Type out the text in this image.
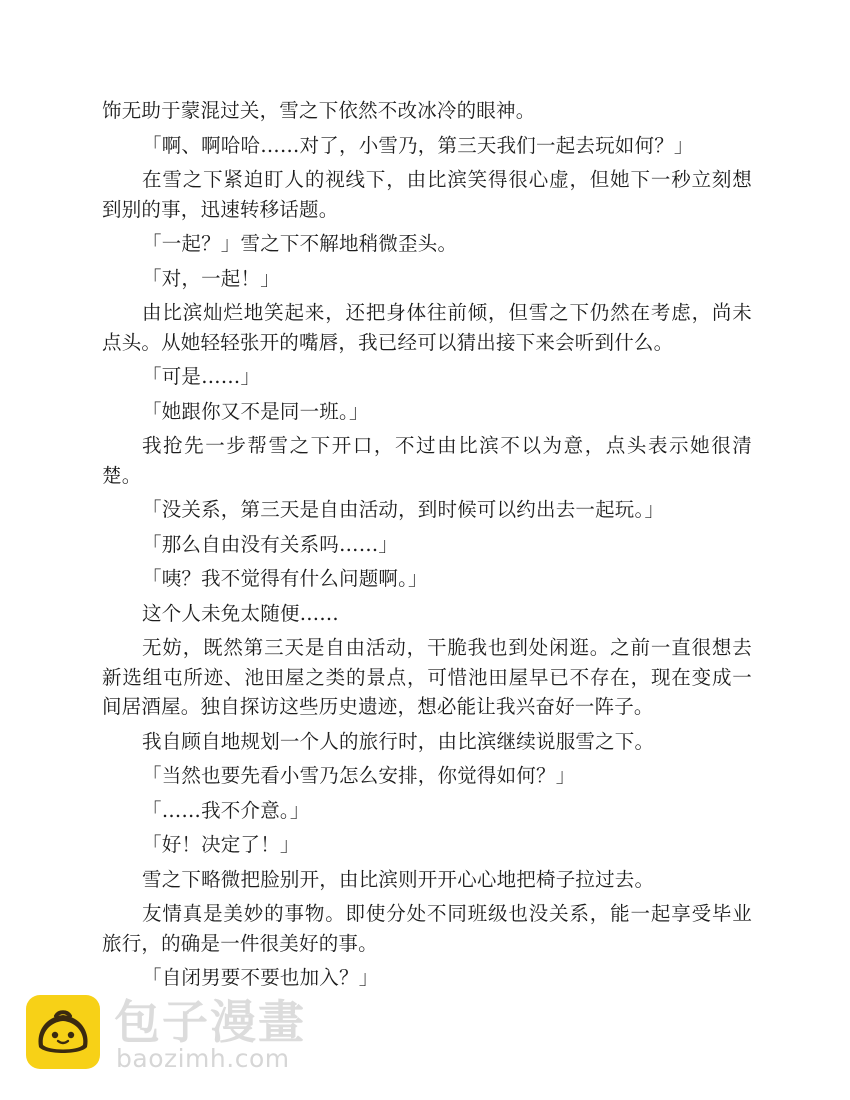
饰无助于蒙混过关，雪之下依然不改冰冷的眼神。

「啊、啊哈哈……对了，小雪乃，第三天我们一起去玩如何？」

在雪之下紧迫盯人的视线下，由比滨笑得很心虚，但她下一秒立刻想到别的事，迅速转移话题。

「一起？」雪之下不解地稍微歪头。

「对，一起！」

由比滨灿烂地笑起来，还把身体往前倾，但雪之下仍然在考虑，尚未点头。从她轻轻张开的嘴唇，我已经可以猜出接下来会听到什么。

「可是……」

「她跟你又不是同一班。」

我抢先一步帮雪之下开口，不过由比滨不以为意，点头表示她很清楚。

「没关系，第三天是自由活动，到时候可以约出去一起玩。」

「那么自由没有关系吗……」

「咦？我不觉得有什么问题啊。」

这个人未免太随便……

无妨，既然第三天是自由活动，干脆我也到处闲逛。之前一直很想去新选组屯所迹、池田屋之类的景点，可惜池田屋早已不存在，现在变成一间居酒屋。独自探访这些历史遗迹，想必能让我兴奋好一阵子。

我自顾自地规划一个人的旅行时，由比滨继续说服雪之下。

「当然也要先看小雪乃怎么安排，你觉得如何？」

「……我不介意。」

「好！决定了！」

雪之下略微把脸别开，由比滨则开开心心地把椅子拉过去。

友情真是美妙的事物。即使分处不同班级也没关系，能一起享受毕业旅行，的确是一件很美好的事。

「自闭男要不要也加入？」

包子漫畫
baozimh.com
